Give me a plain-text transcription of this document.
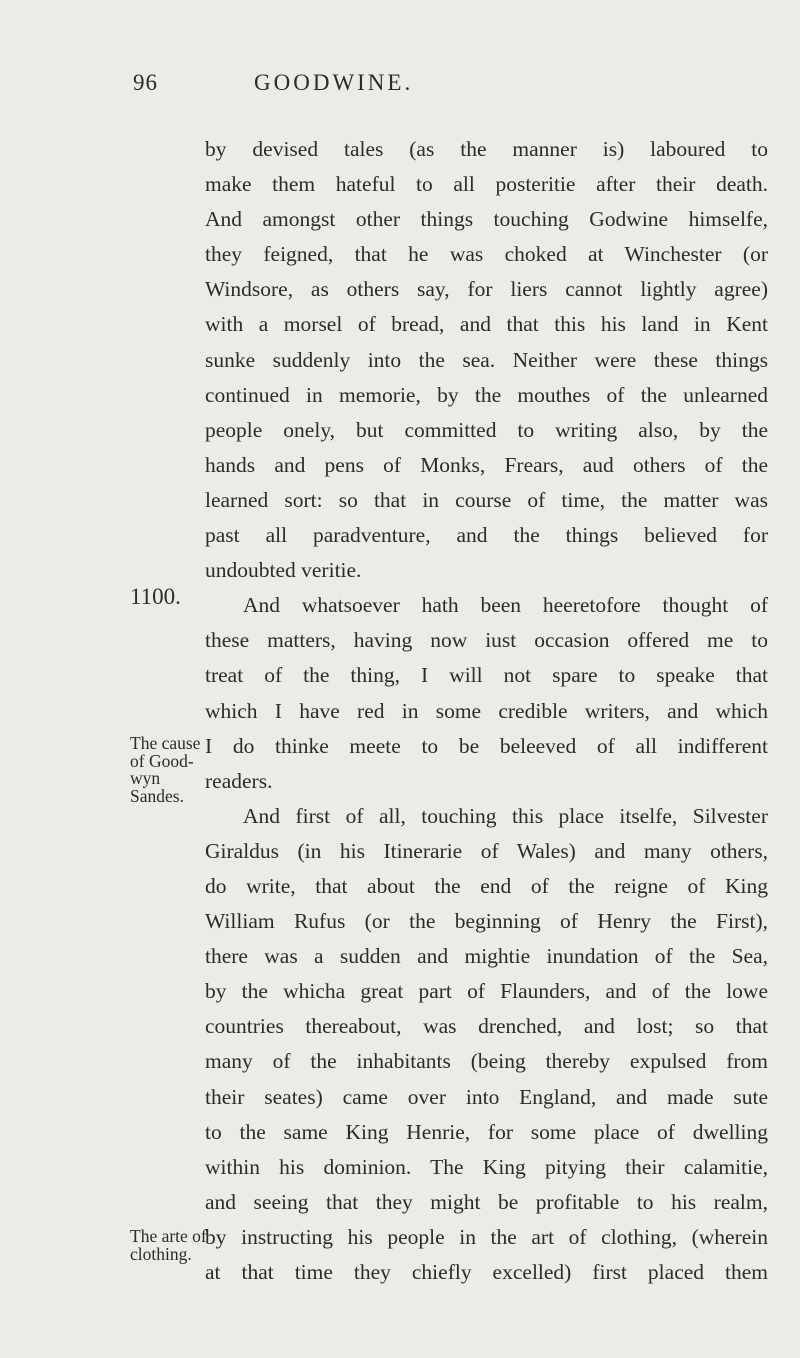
96	GOODWINE.
1100.
The cause
of Good-
wyn
Sandes.
The arte of
clothing.
by devised tales (as the manner is) laboured to
make them hateful to all posteritie after their death.
And amongst other things touching Godwine himselfe,
they feigned, that he was choked at Winchester (or
Windsore, as others say, for liers cannot lightly agree)
with a morsel of bread, and that this his land in Kent
sunke suddenly into the sea. Neither were these things
continued in memorie, by the mouthes of the unlearned
people onely, but committed to writing also, by the
hands and pens of Monks, Frears, aud others of the
learned sort: so that in course of time, the matter was
past all paradventure, and the things believed for
undoubted veritie.
And whatsoever hath been heeretofore thought of
these matters, having now iust occasion offered me to
treat of the thing, I will not spare to speake that
which I have red in some credible writers, and which
I do thinke meete to be beleeved of all indifferent
readers.
And first of all, touching this place itselfe, Silvester
Giraldus (in his Itinerarie of Wales) and many others,
do write, that about the end of the reigne of King
William Rufus (or the beginning of Henry the First),
there was a sudden and mightie inundation of the Sea,
by the whicha great part of Flaunders, and of the lowe
countries thereabout, was drenched, and lost; so that
many of the inhabitants (being thereby expulsed from
their seates) came over into England, and made sute
to the same King Henrie, for some place of dwelling
within his dominion. The King pitying their calamitie,
and seeing that they might be profitable to his realm,
by instructing his people in the art of clothing, (wherein
at that time they chiefly excelled) first placed them
